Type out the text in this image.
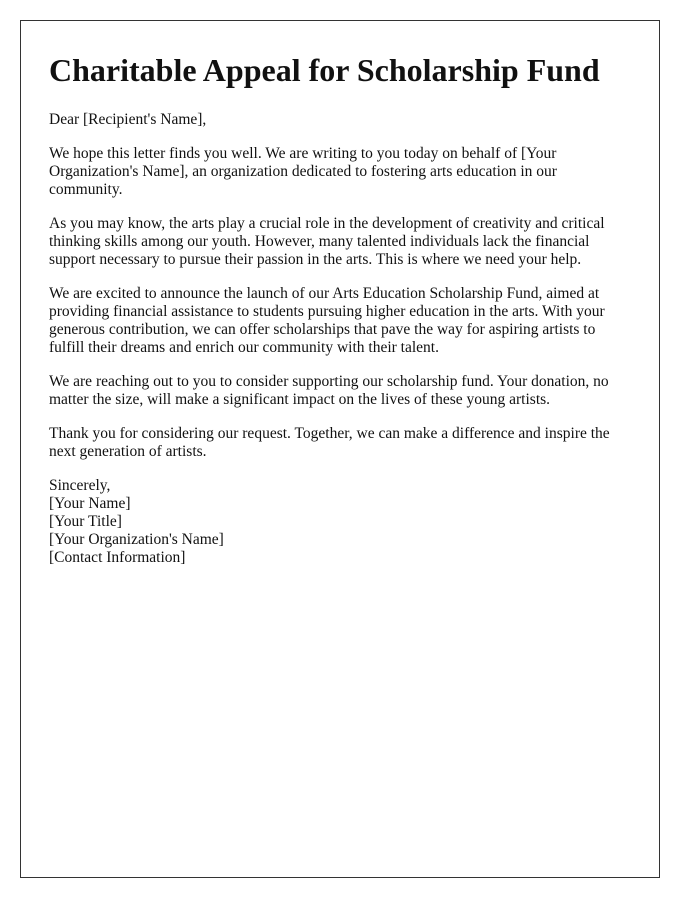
Charitable Appeal for Scholarship Fund

Dear [Recipient's Name],

We hope this letter finds you well. We are writing to you today on behalf of [Your Organization's Name], an organization dedicated to fostering arts education in our community.

As you may know, the arts play a crucial role in the development of creativity and critical thinking skills among our youth. However, many talented individuals lack the financial support necessary to pursue their passion in the arts. This is where we need your help.

We are excited to announce the launch of our Arts Education Scholarship Fund, aimed at providing financial assistance to students pursuing higher education in the arts. With your generous contribution, we can offer scholarships that pave the way for aspiring artists to fulfill their dreams and enrich our community with their talent.

We are reaching out to you to consider supporting our scholarship fund. Your donation, no matter the size, will make a significant impact on the lives of these young artists.

Thank you for considering our request. Together, we can make a difference and inspire the next generation of artists.

Sincerely,
[Your Name]
[Your Title]
[Your Organization's Name]
[Contact Information]
